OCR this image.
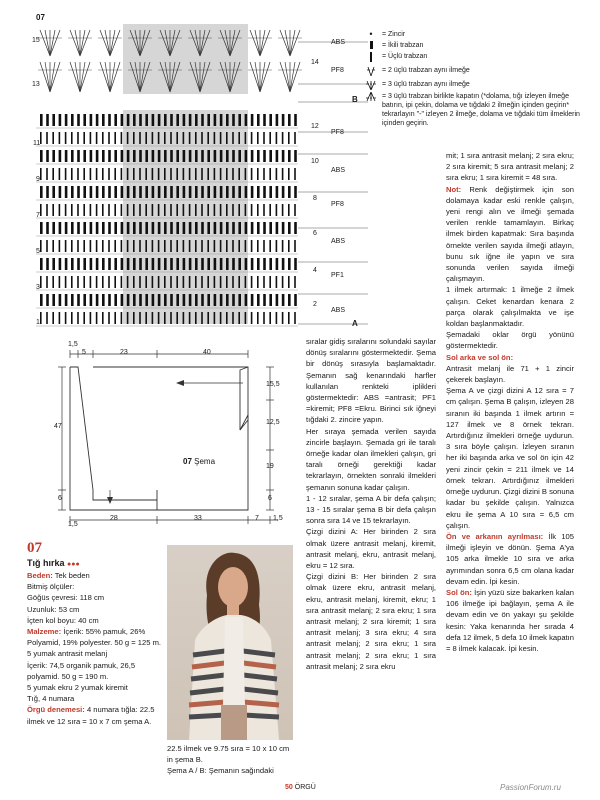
07
15
13
11
9
7
5
3
1
14
12
10
8
6
4
2
ABS
PF8
PF8
ABS
PF8
ABS
PF1
ABS
B
A
•	= Zincir
= İkili trabzan
= Üçlü trabzan
= 2 üçlü trabzan aynı ilmeğe
= 3 üçlü trabzan aynı ilmeğe
= 3 üçlü trabzan birlikte kapatın (*dolama, tığı izleyen ilmeğe batırın, ipi çekin, dolama ve tığdaki 2 ilmeğin içinden geçirin* tekrarlayın "-" izleyen 2 ilmeğe, dolama ve tığdaki tüm ilmeklerin içinden geçirin.
1,5
5	23	40
15,5
12,5
19
6
47
6
28	33	7 1,5
1,5
07 Şema
07
Tığ hırka ●●●
Beden: Tek beden
Bitmiş ölçüler:
Göğüs çevresi: 118 cm
Uzunluk: 53 cm
İçten kol boyu: 40 cm
Malzeme: İçerik: 55% pamuk, 26% Polyamid, 19% polyester. 50 g = 125 m.
5 yumak antrasit melanj
İçerik: 74,5 organik pamuk, 26,5 polyamid. 50 g = 190 m.
5 yumak ekru 2 yumak kiremit
Tığ, 4 numara
Örgü denemesi: 4 numara tığla: 22.5 ilmek ve 12 sıra = 10 x 7 cm şema A.
22.5 ilmek ve 9.75 sıra = 10 x 10 cm in şema B.
Şema A / B: Şemanın sağındaki

sıralar gidiş sıralarını solundaki sayılar dönüş sıralarını göstermektedir. Şema bir dönüş sırasıyla başlamaktadır. Şemanın sağ kenarındaki harfler kullanılan renkteki iplikleri göstermektedir: ABS =antrasit; PF1 =kiremit; PF8 =Ekru. Birinci sık iğneyi tığdaki 2. zincire yapın.

Her sıraya şemada verilen sayıda zincirle başlayın. Şemada gri ile taralı örneğe kadar olan ilmekleri çalışın, gri taralı örneği gerektiği kadar tekrarlayın, örnekten sonraki ilmekleri şemanın sonuna kadar çalışın.

1 - 12 sıralar, şema A bir defa çalışın; 13 - 15 sıralar şema B bir defa çalışın sonra sıra 14 ve 15 tekrarlayın.

Çizgi dizini A: Her birinden 2 sıra olmak üzere antrasit melanj, kiremit, antrasit melanj, ekru, antrasit melanj, ekru = 12 sıra.

Çizgi dizini B: Her birinden 2 sıra olmak üzere ekru, antrasit melanj, ekru, antrasit melanj, kiremit, ekru; 1 sıra antrasit melanj; 2 sıra ekru; 1 sıra antrasit melanj; 2 sıra kiremit; 1 sıra antrasit melanj; 3 sıra ekru; 4 sıra antrasit melanj; 2 sıra ekru; 1 sıra antrasit melanj; 2 sıra ekru; 1 sıra antrasit melanj; 2 sıra ekru

mit; 1 sıra antrasit melanj; 2 sıra ekru; 2 sıra kiremit; 5 sıra antrasit melanj; 2 sıra ekru; 1 sıra kiremit = 48 sıra.

Not: Renk değiştirmek için son dolamaya kadar eski renkle çalışın, yeni rengi alın ve ilmeği şemada verilen renkle tamamlayın. Birkaç ilmek birden kapatmak: Sıra başında örnekte verilen sayıda ilmeği atlayın, bunu sık iğne ile yapın ve sıra sonunda verilen sayıda ilmeği çalışmayın.

1 ilmek artırmak: 1 ilmeğe 2 ilmek çalışın. Ceket kenardan kenara 2 parça olarak çalışılmakta ve işe koldan başlanmaktadır.

Şemadaki oklar örgü yönünü göstermektedir.

Sol arka ve sol ön:

Antrasit melanj ile 71 + 1 zincir çekerek başlayın.

Şema A ve çizgi dizini A 12 sıra = 7 cm çalışın. Şema B çalışın, izleyen 28 sıranın iki başında 1 ilmek artırın = 127 ilmek ve 8 örnek tekrarı. Artırdığınız ilmekleri örneğe uydurun. 3 sıra böyle çalışın. İzleyen sıranın her iki başında arka ve sol ön için 42 yeni zincir çekin = 211 ilmek ve 14 örnek tekrarı. Artırdığınız ilmekleri örneğe uydurun. Çizgi dizini B sonuna kadar bu şekilde çalışın. Yalnızca ekru ile şema A 10 sıra = 6,5 cm çalışın.

Ön ve arkanın ayrılması: İlk 105 ilmeği işleyin ve dönün. Şema A'ya 105 arka ilmekle 10 sıra ve arka ayrımından sonra 6,5 cm olana kadar devam edin. İpi kesin.

Sol ön: İşin yüzü size bakarken kalan 106 ilmeğe ipi bağlayın, şema A ile devam edin ve ön yakayı şu şekilde kesin: Yaka kenarında her sırada 4 defa 12 ilmek, 5 defa 10 ilmek kapatın = 8 ilmek kalacak. İpi kesin.

50 ÖRGÜ	PassionForum.ru
